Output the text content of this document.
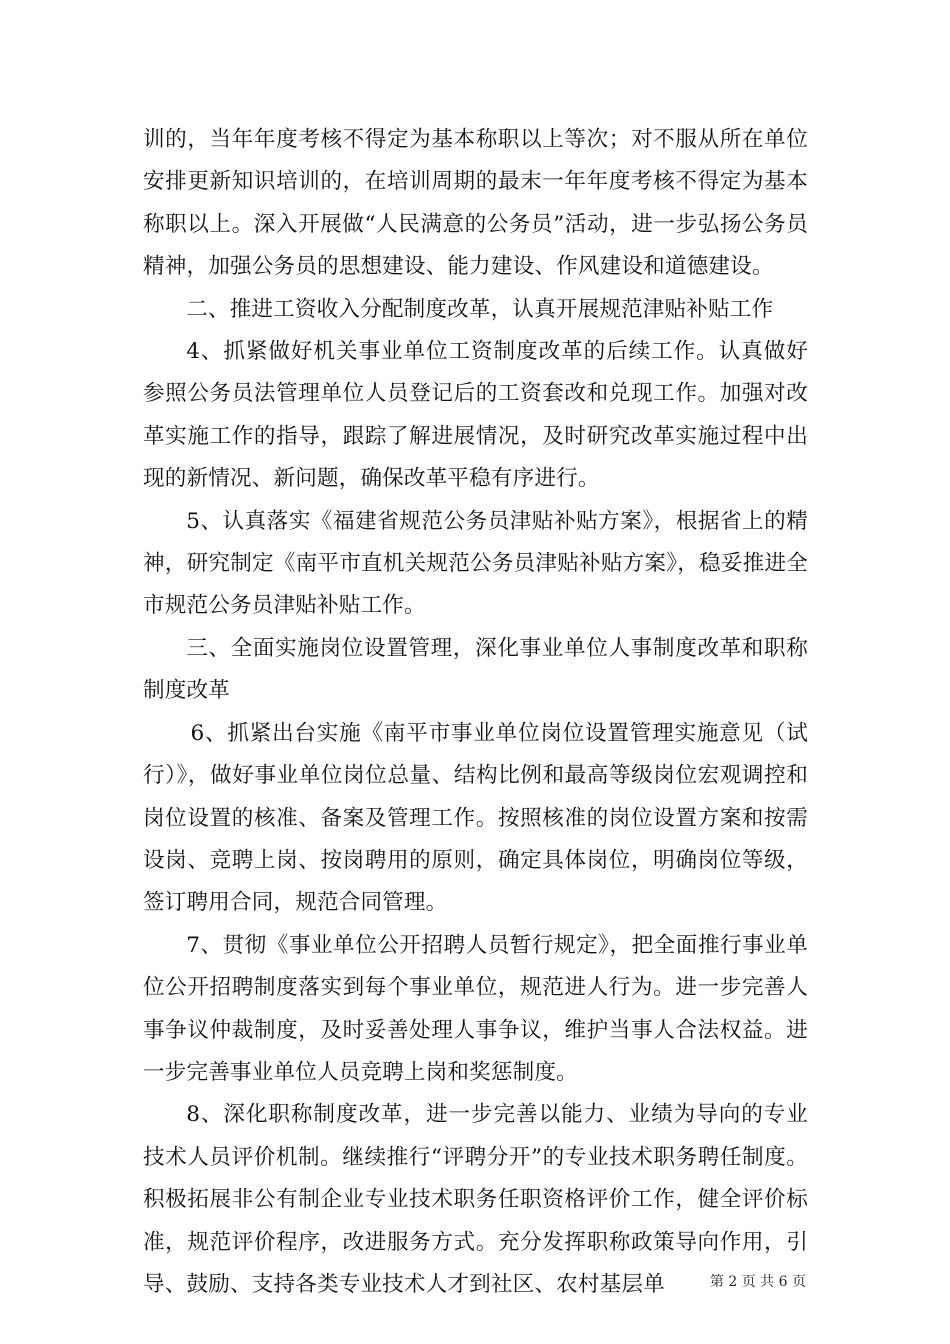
训的，当年年度考核不得定为基本称职以上等次；对不服从所在单位安排更新知识培训的，在培训周期的最末一年年度考核不得定为基本称职以上。深入开展做“人民满意的公务员”活动，进一步弘扬公务员精神，加强公务员的思想建设、能力建设、作风建设和道德建设。

二、推进工资收入分配制度改革，认真开展规范津贴补贴工作

4、抓紧做好机关事业单位工资制度改革的后续工作。认真做好参照公务员法管理单位人员登记后的工资套改和兑现工作。加强对改革实施工作的指导，跟踪了解进展情况，及时研究改革实施过程中出现的新情况、新问题，确保改革平稳有序进行。

5、认真落实《福建省规范公务员津贴补贴方案》，根据省上的精神，研究制定《南平市直机关规范公务员津贴补贴方案》，稳妥推进全市规范公务员津贴补贴工作。

三、全面实施岗位设置管理，深化事业单位人事制度改革和职称制度改革

6、抓紧出台实施《南平市事业单位岗位设置管理实施意见（试行）》，做好事业单位岗位总量、结构比例和最高等级岗位宏观调控和岗位设置的核准、备案及管理工作。按照核准的岗位设置方案和按需设岗、竞聘上岗、按岗聘用的原则，确定具体岗位，明确岗位等级，签订聘用合同，规范合同管理。

7、贯彻《事业单位公开招聘人员暂行规定》，把全面推行事业单位公开招聘制度落实到每个事业单位，规范进人行为。进一步完善人事争议仲裁制度，及时妥善处理人事争议，维护当事人合法权益。进一步完善事业单位人员竞聘上岗和奖惩制度。

8、深化职称制度改革，进一步完善以能力、业绩为导向的专业技术人员评价机制。继续推行“评聘分开”的专业技术职务聘任制度。积极拓展非公有制企业专业技术职务任职资格评价工作，健全评价标准，规范评价程序，改进服务方式。充分发挥职称政策导向作用，引导、鼓励、支持各类专业技术人才到社区、农村基层单	第 2 页 共 6 页
